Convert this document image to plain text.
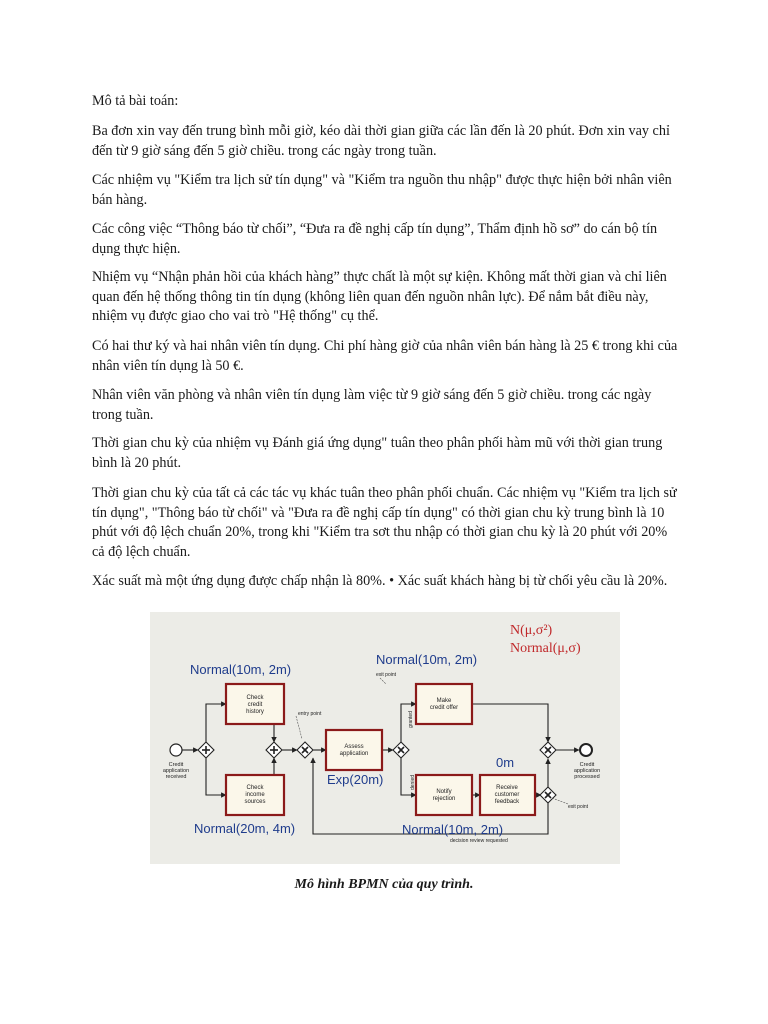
Mô tả bài toán:

Ba đơn xin vay đến trung bình mỗi giờ, kéo dài thời gian giữa các lần đến là 20 phút. Đơn xin vay chỉ đến từ 9 giờ sáng đến 5 giờ chiều. trong các ngày trong tuần.

Các nhiệm vụ "Kiểm tra lịch sử tín dụng" và "Kiểm tra nguồn thu nhập" được thực hiện bởi nhân viên bán hàng.

Các công việc “Thông báo từ chối”, “Đưa ra đề nghị cấp tín dụng”, Thẩm định hồ sơ” do cán bộ tín dụng thực hiện.

Nhiệm vụ “Nhận phản hồi của khách hàng” thực chất là một sự kiện. Không mất thời gian và chỉ liên quan đến hệ thống thông tin tín dụng (không liên quan đến nguồn nhân lực). Để nắm bắt điều này, nhiệm vụ được giao cho vai trò "Hệ thống" cụ thể.

Có hai thư ký và hai nhân viên tín dụng. Chi phí hàng giờ của nhân viên bán hàng là 25 € trong khi của nhân viên tín dụng là 50 €.

Nhân viên văn phòng và nhân viên tín dụng làm việc từ 9 giờ sáng đến 5 giờ chiều. trong các ngày trong tuần.

Thời gian chu kỳ của nhiệm vụ Đánh giá ứng dụng" tuân theo phân phối hàm mũ với thời gian trung bình là 20 phút.

Thời gian chu kỳ của tất cả các tác vụ khác tuân theo phân phối chuẩn. Các nhiệm vụ "Kiểm tra lịch sử tín dụng", "Thông báo từ chối" và "Đưa ra đề nghị cấp tín dụng" có thời gian chu kỳ trung bình là 10 phút với độ lệch chuẩn 20%, trong khi "Kiểm tra sơt thu nhập có thời gian chu kỳ là 20 phút với 20% cả độ lệch chuẩn.

Xác suất mà một ứng dụng được chấp nhận là 80%. • Xác suất khách hàng bị từ chối yêu cầu là 20%.

N(μ,σ²)
Normal(μ,σ)
Credit application received
Credit application processed
Check credit history
Check income sources
Assess application
Make credit offer
Notify rejection
Receive customer feedback
Normal(10m, 2m)
Normal(20m, 4m)
Exp(20m)
Normal(10m, 2m)
Normal(10m, 2m)
0m
entry point
exit point
exit point
granted
denied
decision review requested
Mô hình BPMN của quy trình.
